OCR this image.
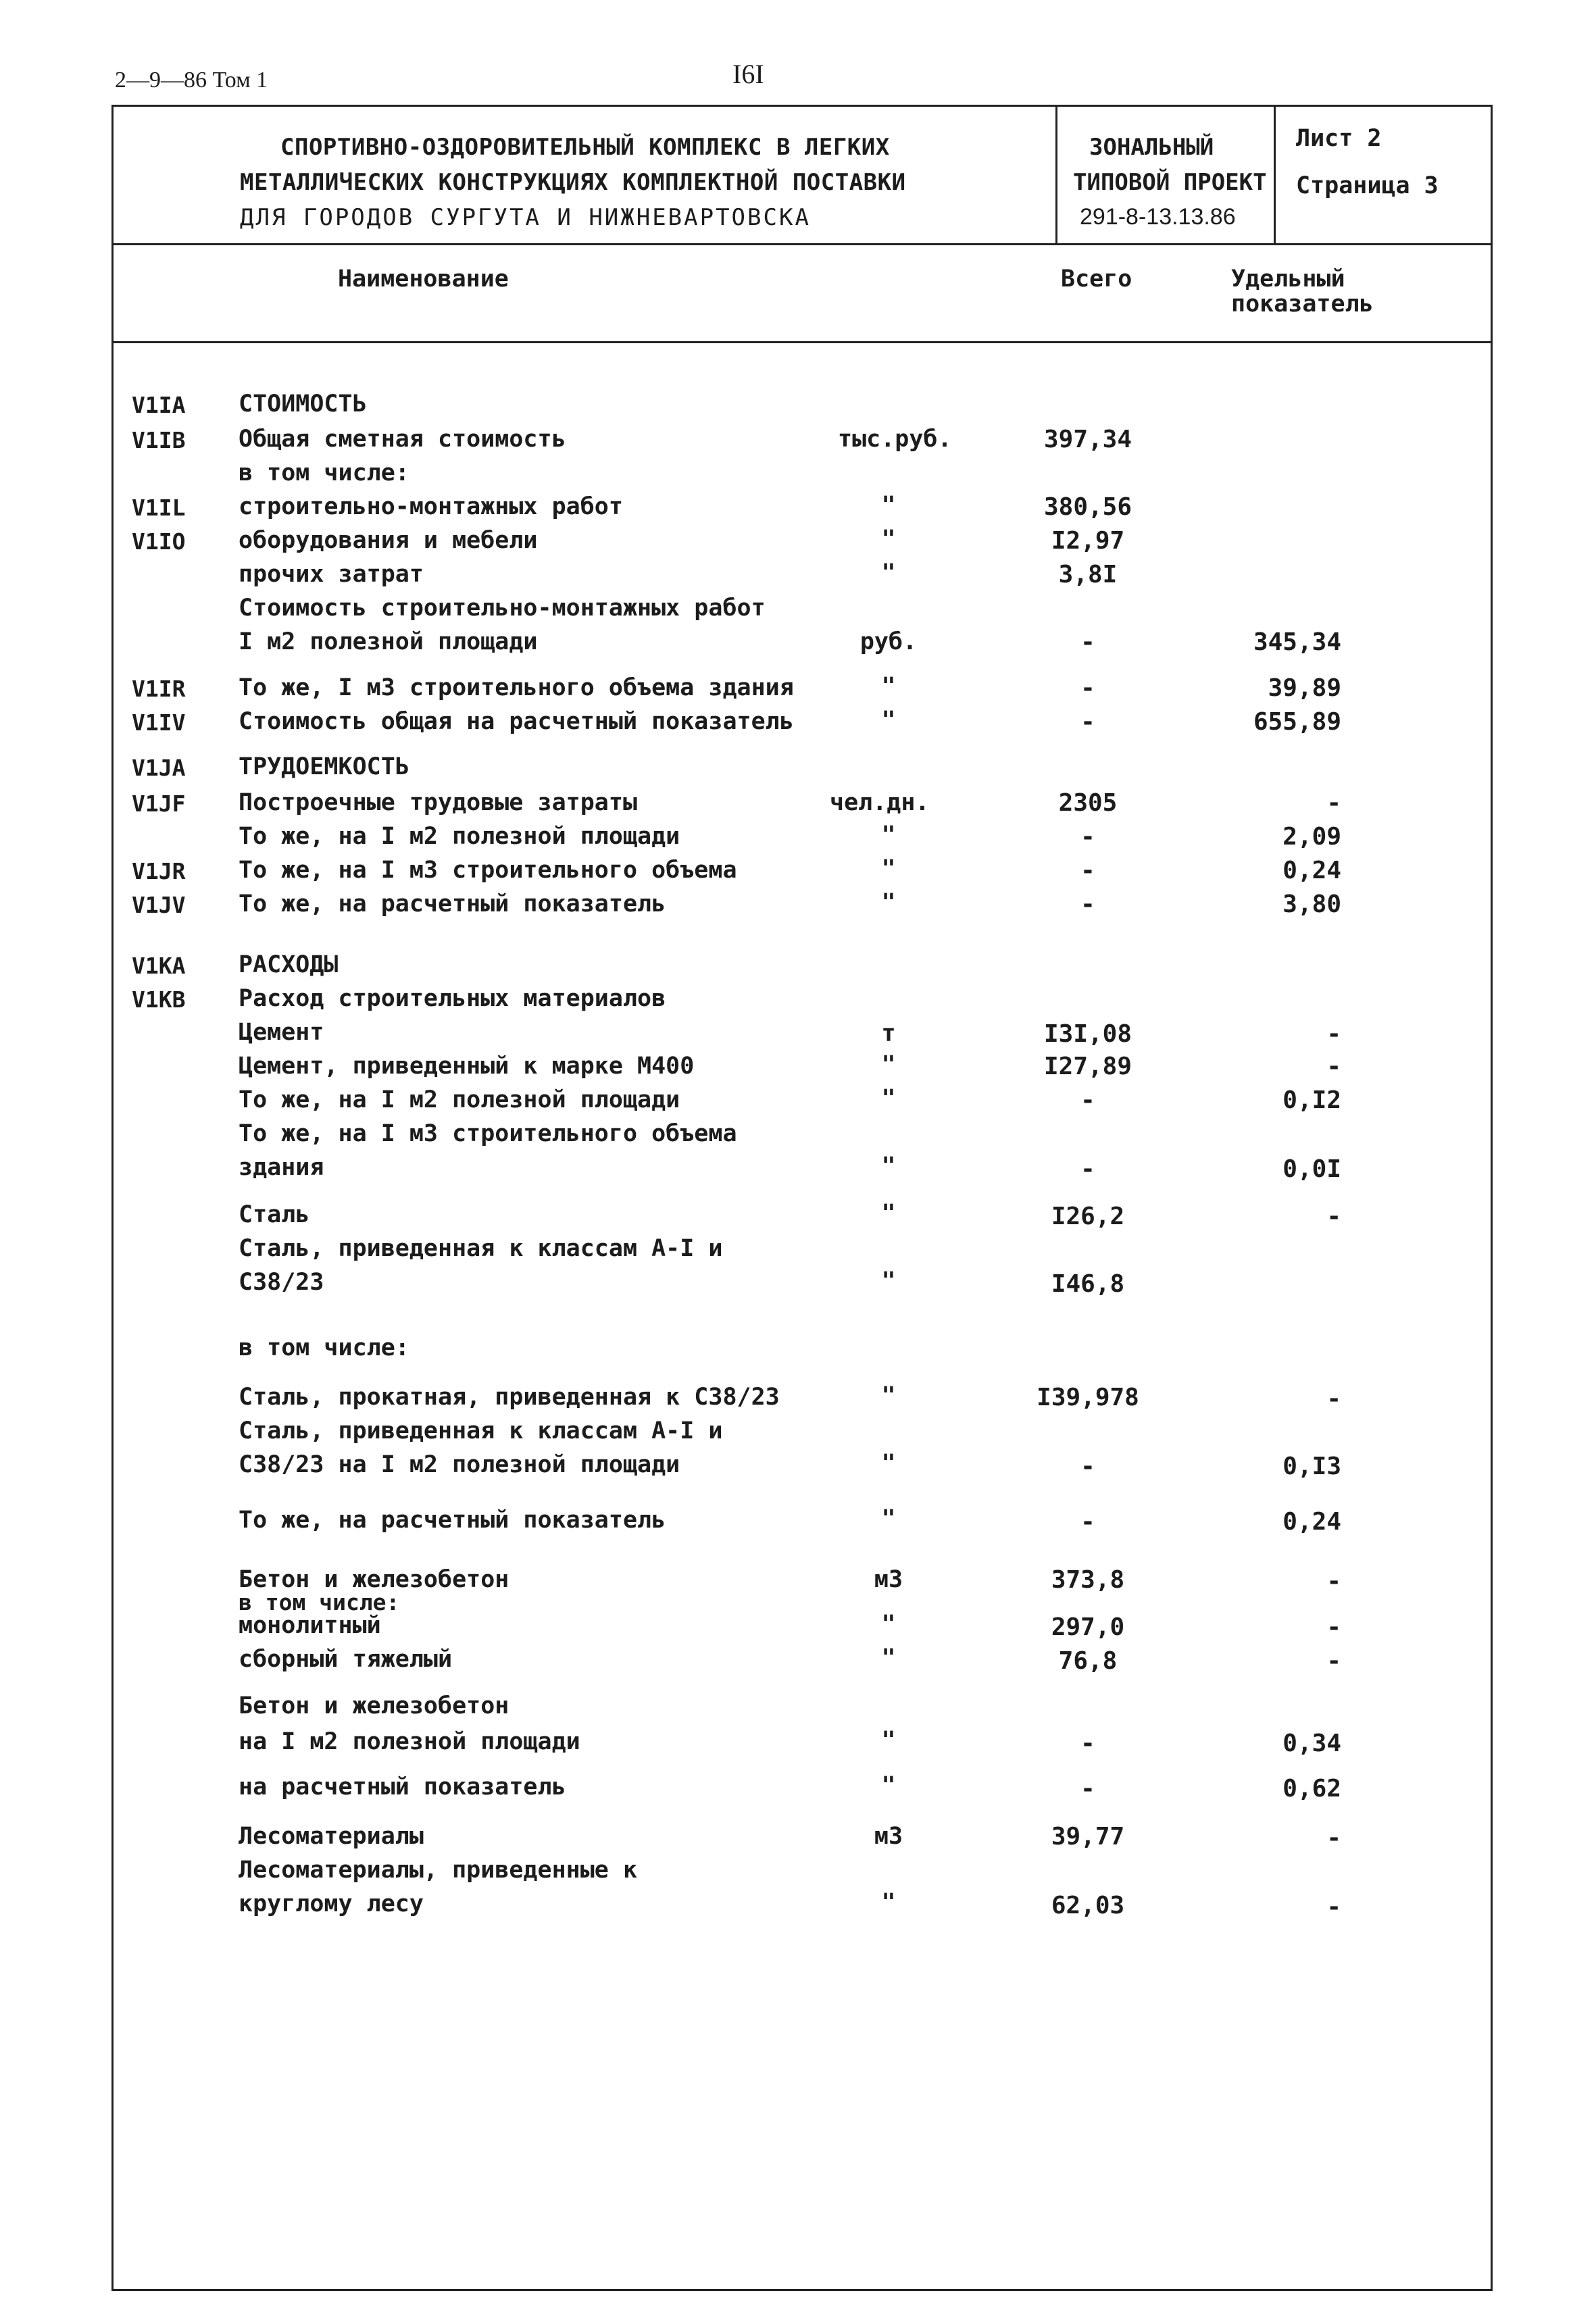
2—9—86 Том 1	I6I
СПОРТИВНО-ОЗДОРОВИТЕЛЬНЫЙ КОМПЛЕКС В ЛЕГКИХ
МЕТАЛЛИЧЕСКИХ КОНСТРУКЦИЯХ КОМПЛЕКТНОЙ ПОСТАВКИ
ДЛЯ ГОРОДОВ СУРГУТА И НИЖНЕВАРТОВСКА
ЗОНАЛЬНЫЙ
ТИПОВОЙ ПРОЕКТ
291-8-13.13.86
Лист 2
Страница 3
Наименование	Всего	Удельный
показатель
V1IA СТОИМОСТЬ
V1IB Общая сметная стоимость	тыс.руб.	397,34
в том числе:
V1IL строительно-монтажных работ	"	380,56
V1IO оборудования и мебели	"	I2,97
прочих затрат	"	3,8I
Стоимость строительно-монтажных работ
I м2 полезной площади	руб.	-	345,34
V1IR То же, I м3 строительного объема здания	"	-	39,89
V1IV Стоимость общая на расчетный показатель	"	-	655,89
V1JA ТРУДОЕМКОСТЬ
V1JF Построечные трудовые затраты	чел.дн.	2305	-
То же, на I м2 полезной площади	"	-	2,09
V1JR То же, на I м3 строительного объема	"	-	0,24
V1JV То же, на расчетный показатель	"	-	3,80
V1KA РАСХОДЫ
V1KB Расход строительных материалов
Цемент	т	I3I,08	-
Цемент, приведенный к марке М400	"	I27,89	-
То же, на I м2 полезной площади	"	-	0,I2
То же, на I м3 строительного объема
здания	"	-	0,0I
Сталь	"	I26,2	-
Сталь, приведенная к классам А-I и
С38/23	"	I46,8
в том числе:
Сталь, прокатная, приведенная к С38/23	"	I39,978	-
Сталь, приведенная к классам А-I и
С38/23 на I м2 полезной площади	"	-	0,I3
То же, на расчетный показатель	"	-	0,24
Бетон и железобетон	м3	373,8	-
в том числе:
монолитный	"	297,0	-
сборный тяжелый	"	76,8	-
Бетон и железобетон
на I м2 полезной площади	"	-	0,34
на расчетный показатель	"	-	0,62
Лесоматериалы	м3	39,77	-
Лесоматериалы, приведенные к
круглому лесу	"	62,03	-
